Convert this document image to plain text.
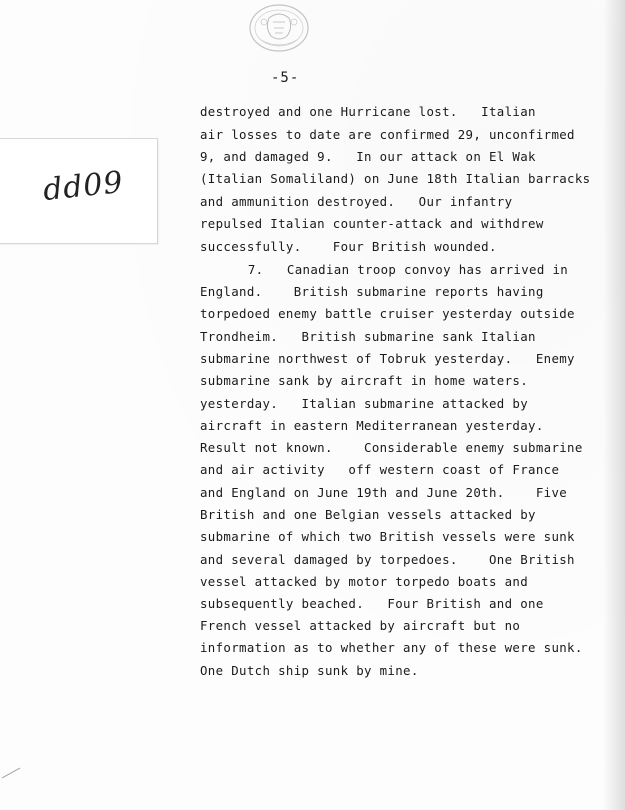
-5-
dd09
destroyed and one Hurricane lost.   Italian
air losses to date are confirmed 29, unconfirmed
9, and damaged 9.   In our attack on El Wak
(Italian Somaliland) on June 18th Italian barracks
and ammunition destroyed.   Our infantry
repulsed Italian counter-attack and withdrew
successfully.    Four British wounded.
7.   Canadian troop convoy has arrived in
England.    British submarine reports having
torpedoed enemy battle cruiser yesterday outside
Trondheim.   British submarine sank Italian
submarine northwest of Tobruk yesterday.   Enemy
submarine sank by aircraft in home waters.
yesterday.   Italian submarine attacked by
aircraft in eastern Mediterranean yesterday.
Result not known.    Considerable enemy submarine
and air activity   off western coast of France
and England on June 19th and June 20th.    Five
British and one Belgian vessels attacked by
submarine of which two British vessels were sunk
and several damaged by torpedoes.    One British
vessel attacked by motor torpedo boats and
subsequently beached.   Four British and one
French vessel attacked by aircraft but no
information as to whether any of these were sunk.
One Dutch ship sunk by mine.
